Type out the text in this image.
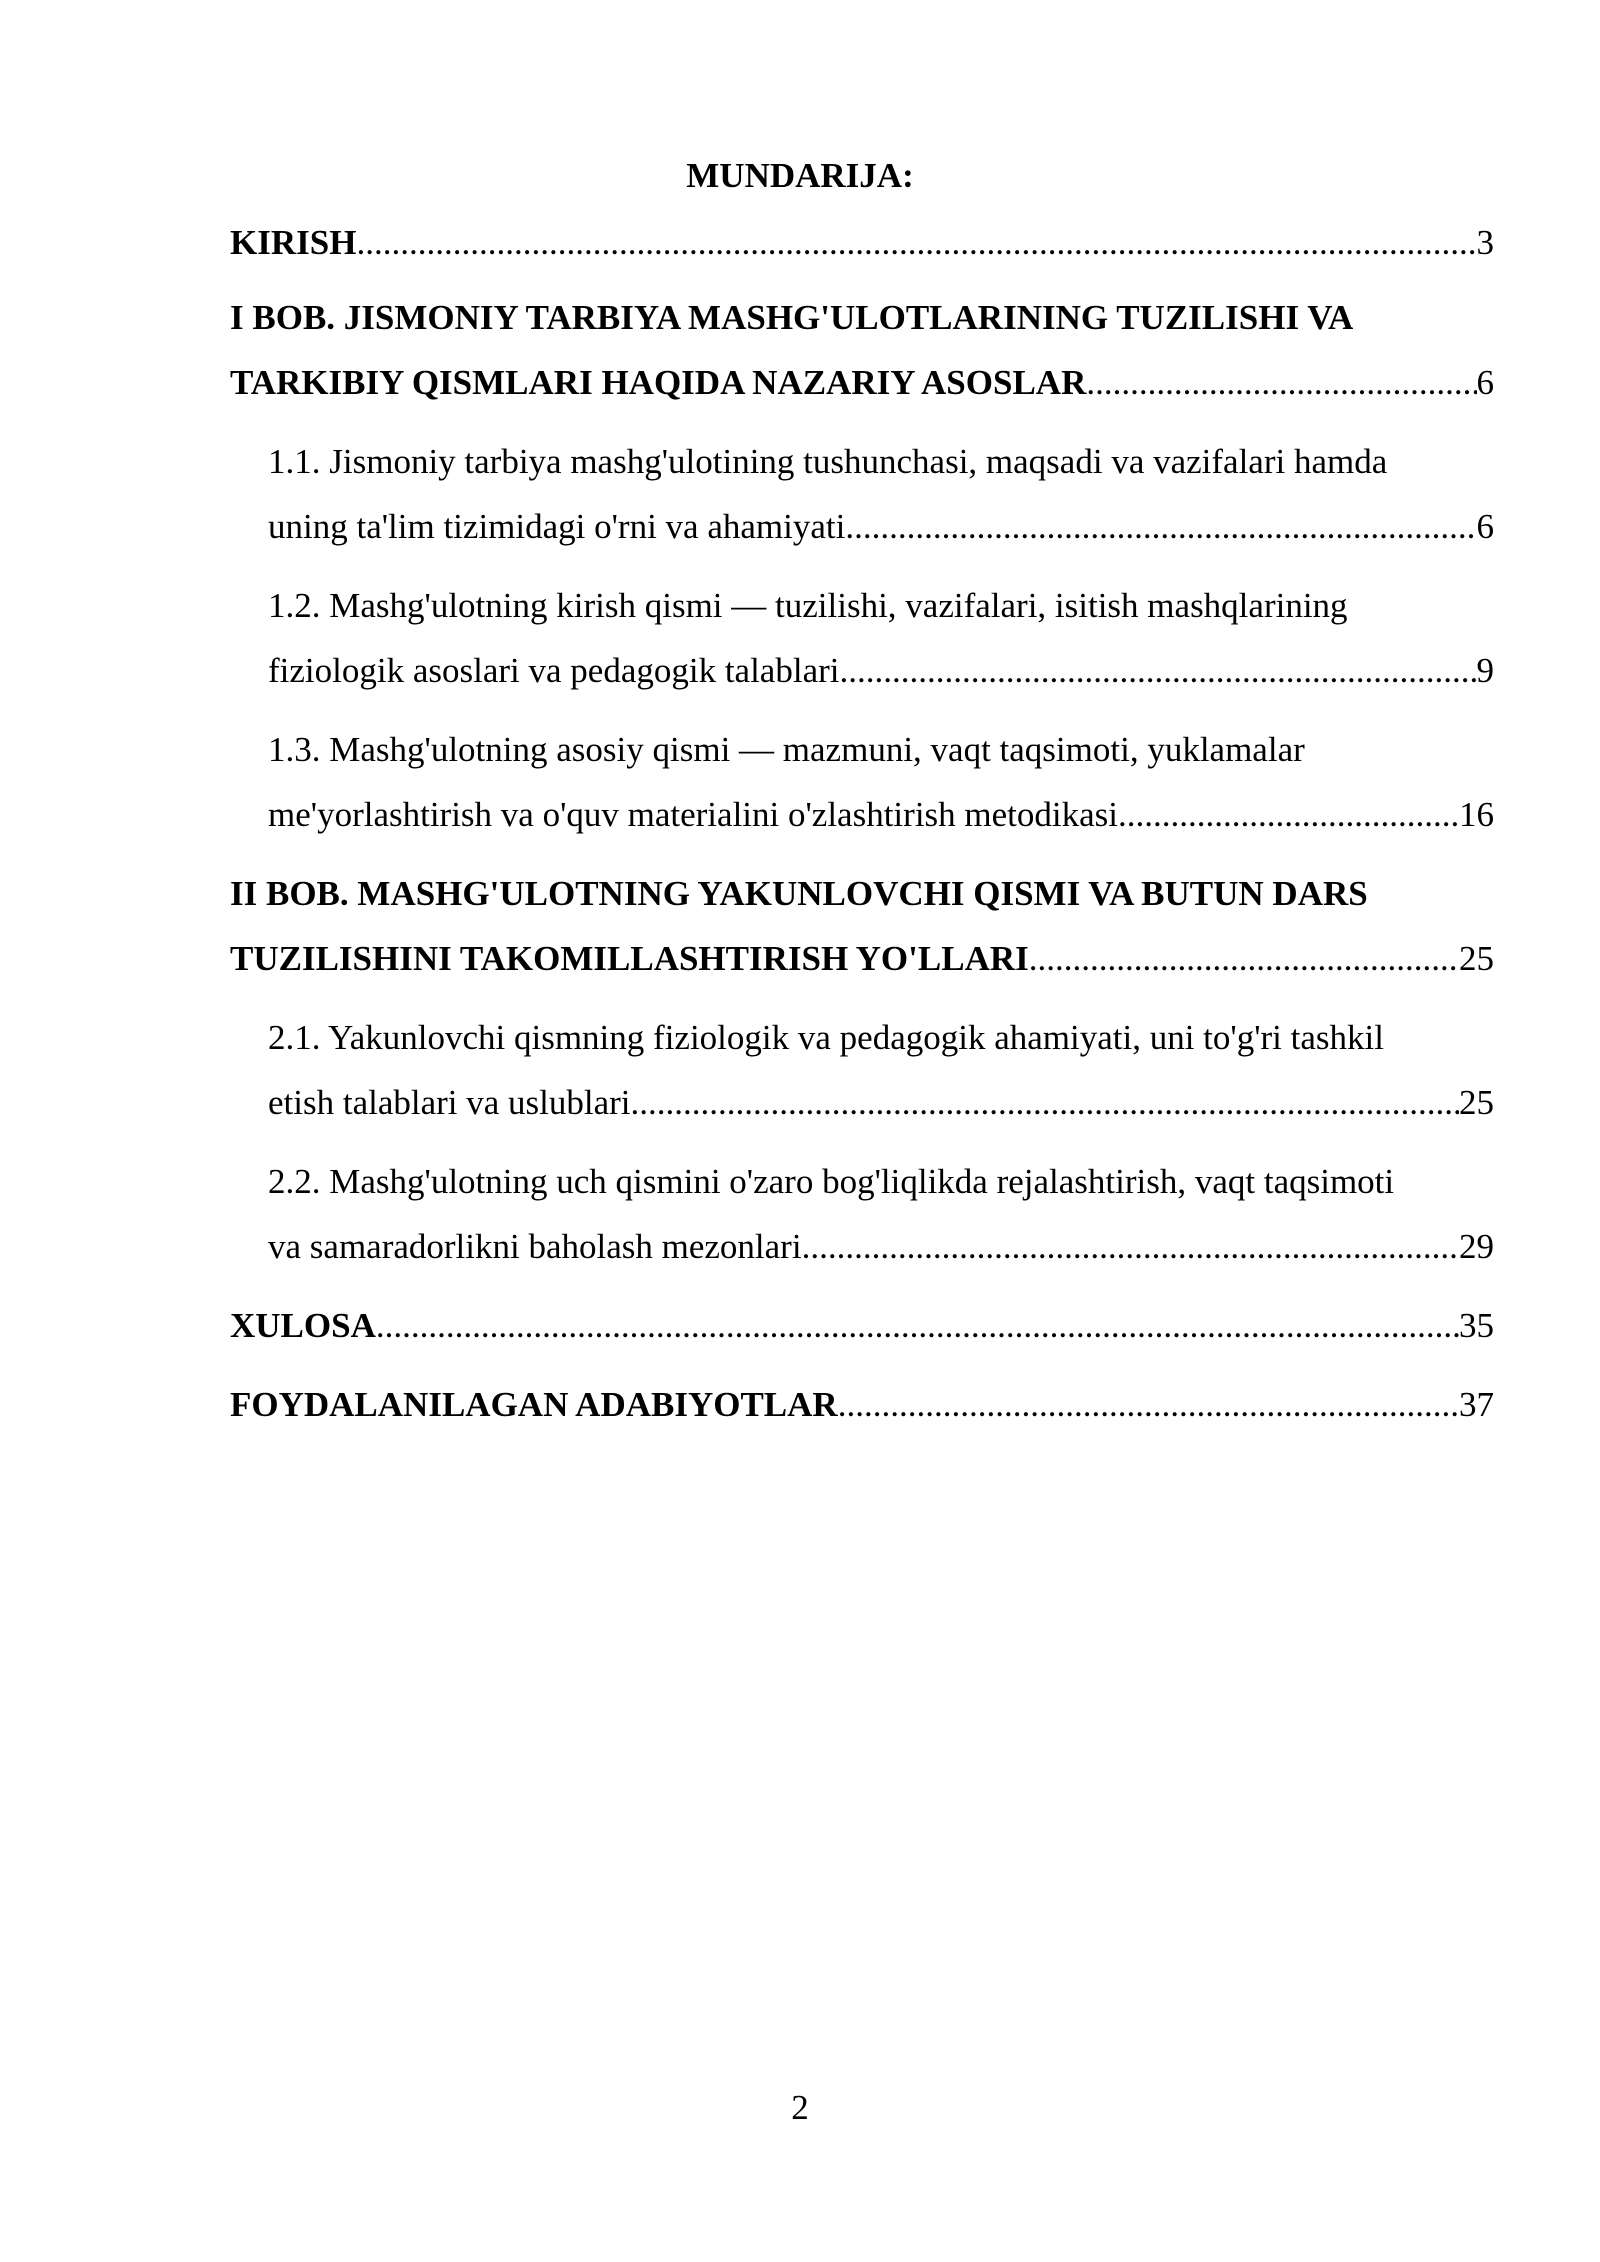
MUNDARIJA:
KIRISH .....	3
I BOB. JISMONIY TARBIYA MASHG'ULOTLARINING TUZILISHI VA
TARKIBIY QISMLARI HAQIDA NAZARIY ASOSLAR .....	6
1.1. Jismoniy tarbiya mashg'ulotining tushunchasi, maqsadi va vazifalari hamda
uning ta'lim tizimidagi o'rni va ahamiyati .....	6
1.2. Mashg'ulotning kirish qismi — tuzilishi, vazifalari, isitish mashqlarining
fiziologik asoslari va pedagogik talablari .....	9
1.3. Mashg'ulotning asosiy qismi — mazmuni, vaqt taqsimoti, yuklamalar
me'yorlashtirish va o'quv materialini o'zlashtirish metodikasi .....	16
II BOB. MASHG'ULOTNING YAKUNLOVCHI QISMI VA BUTUN DARS
TUZILISHINI TAKOMILLASHTIRISH YO'LLARI .....	25
2.1. Yakunlovchi qismning fiziologik va pedagogik ahamiyati, uni to'g'ri tashkil
etish talablari va uslublari .....	25
2.2. Mashg'ulotning uch qismini o'zaro bog'liqlikda rejalashtirish, vaqt taqsimoti
va samaradorlikni baholash mezonlari .....	29
XULOSA .....	35
FOYDALANILAGAN ADABIYOTLAR .....	37
2
